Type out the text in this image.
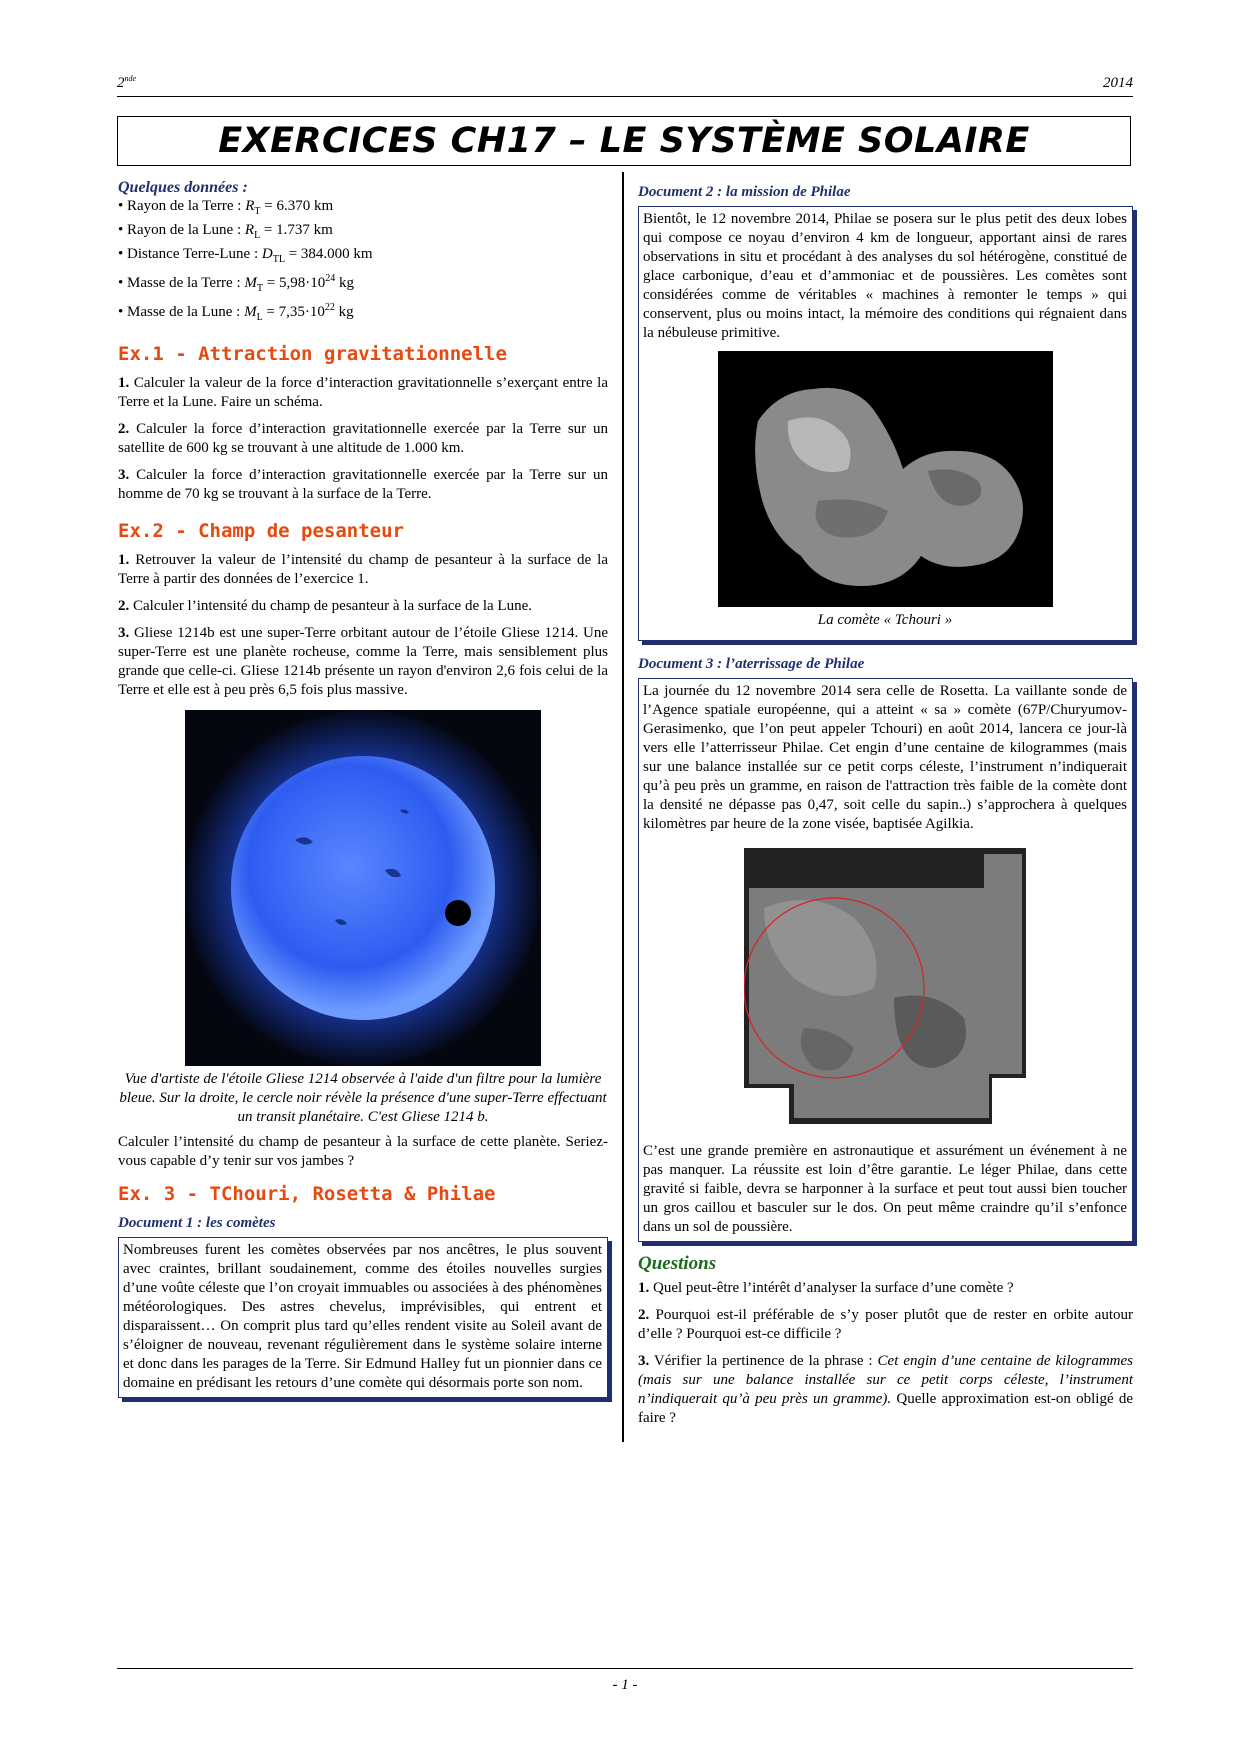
2nde	2014
EXERCICES CH17 – LE SYSTÈME SOLAIRE
Quelques données :
• Rayon de la Terre : $R_T = 6.370$ km
• Rayon de la Lune : $R_L = 1.737$ km
• Distance Terre-Lune : $D_{TL} = 384.000$ km
• Masse de la Terre : $M_T = 5,98\cdot 10^{24}$ kg
• Masse de la Lune : $M_L = 7,35\cdot 10^{22}$ kg
Ex.1 - Attraction gravitationnelle

1. Calculer la valeur de la force d’interaction gravitationnelle s’exerçant entre la Terre et la Lune. Faire un schéma.

2. Calculer la force d’interaction gravitationnelle exercée par la Terre sur un satellite de 600 kg se trouvant à une altitude de 1.000 km.

3. Calculer la force d’interaction gravitationnelle exercée par la Terre sur un homme de 70 kg se trouvant à la surface de la Terre.

Ex.2 - Champ de pesanteur

1. Retrouver la valeur de l’intensité du champ de pesanteur à la surface de la Terre à partir des données de l’exercice 1.

2. Calculer l’intensité du champ de pesanteur à la surface de la Lune.

3. Gliese 1214b est une super-Terre orbitant autour de l’étoile Gliese 1214. Une super-Terre est une planète rocheuse, comme la Terre, mais sensiblement plus grande que celle-ci. Gliese 1214b présente un rayon d'environ 2,6 fois celui de la Terre et elle est à peu près 6,5 fois plus massive.

Vue d'artiste de l'étoile Gliese 1214 observée à l'aide d'un filtre pour la lumière bleue. Sur la droite, le cercle noir révèle la présence d'une super-Terre effectuant un transit planétaire. C'est Gliese 1214 b.

Calculer l’intensité du champ de pesanteur à la surface de cette planète. Seriez-vous capable d’y tenir sur vos jambes ?

Ex. 3 - TChouri, Rosetta & Philae
Document 1 : les comètes

Nombreuses furent les comètes observées par nos ancêtres, le plus souvent avec craintes, brillant soudainement, comme des étoiles nouvelles surgies d’une voûte céleste que l’on croyait immuables ou associées à des phénomènes météorologiques. Des astres chevelus, imprévisibles, qui entrent et disparaissent… On comprit plus tard qu’elles rendent visite au Soleil avant de s’éloigner de nouveau, revenant régulièrement dans le système solaire interne et donc dans les parages de la Terre. Sir Edmund Halley fut un pionnier dans ce domaine en prédisant les retours d’une comète qui désormais porte son nom.

Document 2 : la mission de Philae

Bientôt, le 12 novembre 2014, Philae se posera sur le plus petit des deux lobes qui compose ce noyau d’environ 4 km de longueur, apportant ainsi de rares observations in situ et procédant à des analyses du sol hétérogène, constitué de glace carbonique, d’eau et d’ammoniac et de poussières. Les comètes sont considérées comme de véritables « machines à remonter le temps » qui conservent, plus ou moins intact, la mémoire des conditions qui régnaient dans la nébuleuse primitive.

La comète « Tchouri »
Document 3 : l’aterrissage de Philae

La journée du 12 novembre 2014 sera celle de Rosetta. La vaillante sonde de l’Agence spatiale européenne, qui a atteint « sa » comète (67P/Churyumov-Gerasimenko, que l’on peut appeler Tchouri) en août 2014, lancera ce jour-là vers elle l’atterrisseur Philae. Cet engin d’une centaine de kilogrammes (mais sur une balance installée sur ce petit corps céleste, l’instrument n’indiquerait qu’à peu près un gramme, en raison de l'attraction très faible de la comète dont la densité ne dépasse pas 0,47, soit celle du sapin..) s’approchera à quelques kilomètres par heure de la zone visée, baptisée Agilkia.

C’est une grande première en astronautique et assurément un événement à ne pas manquer. La réussite est loin d’être garantie. Le léger Philae, dans cette gravité si faible, devra se harponner à la surface et peut tout aussi bien toucher un gros caillou et basculer sur le dos. On peut même craindre qu’il s’enfonce dans un sol de poussière.

Questions

1. Quel peut-être l’intérêt d’analyser la surface d’une comète ?

2. Pourquoi est-il préférable de s’y poser plutôt que de rester en orbite autour d’elle ? Pourquoi est-ce difficile ?

3. Vérifier la pertinence de la phrase : Cet engin d’une centaine de kilogrammes (mais sur une balance installée sur ce petit corps céleste, l’instrument n’indiquerait qu’à peu près un gramme). Quelle approximation est-on obligé de faire ?

- 1 -
